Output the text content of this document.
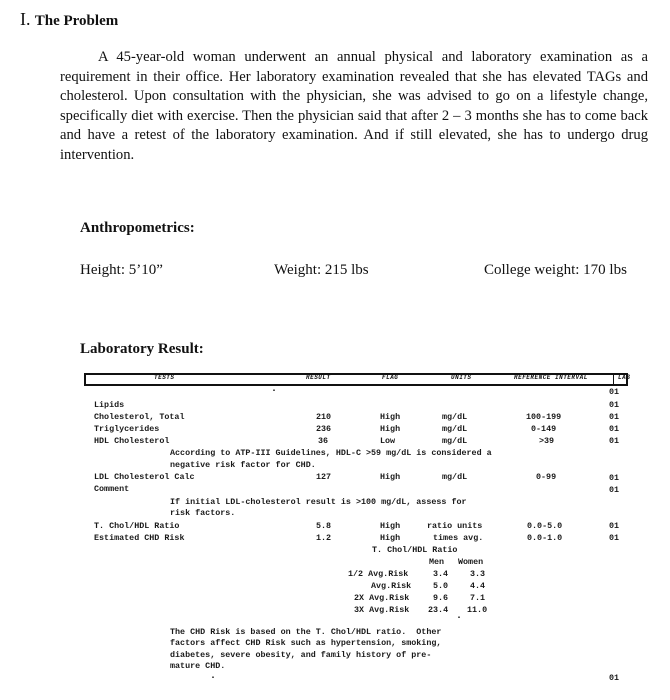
I. The Problem
A 45-year-old woman underwent an annual physical and laboratory examination as a requirement in their office. Her laboratory examination revealed that she has elevated TAGs and cholesterol. Upon consultation with the physician, she was advised to go on a lifestyle change, specifically diet with exercise. Then the physician said that after 2 – 3 months she has to come back and have a retest of the laboratory examination. And if still elevated, she has to undergo drug intervention.
Anthropometrics:
Height: 5’10”	Weight: 215 lbs	College weight: 170 lbs
Laboratory Result:
TESTS	RESULT	FLAG	UNITS	REFERENCE INTERVAL	LAB
.	01
Lipids	01
Cholesterol, Total	210	High	mg/dL	100-199	01
Triglycerides	236	High	mg/dL	0-149	01
HDL Cholesterol	36	Low	mg/dL	>39	01
According to ATP-III Guidelines, HDL-C >59 mg/dL is considered a
negative risk factor for CHD.
LDL Cholesterol Calc	127	High	mg/dL	0-99	01
Comment	01
If initial LDL-cholesterol result is >100 mg/dL, assess for
risk factors.
T. Chol/HDL Ratio	5.8	High	ratio units	0.0-5.0	01
Estimated CHD Risk	1.2	High	times avg.	0.0-1.0	01
T. Chol/HDL Ratio
Men Women
1/2 Avg.Risk	3.4	3.3
Avg.Risk	5.0	4.4
2X Avg.Risk	9.6	7.1
3X Avg.Risk 23.4 11.0
.
The CHD Risk is based on the T. Chol/HDL ratio.  Other
factors affect CHD Risk such as hypertension, smoking,
diabetes, severe obesity, and family history of pre-
mature CHD.
.	01
